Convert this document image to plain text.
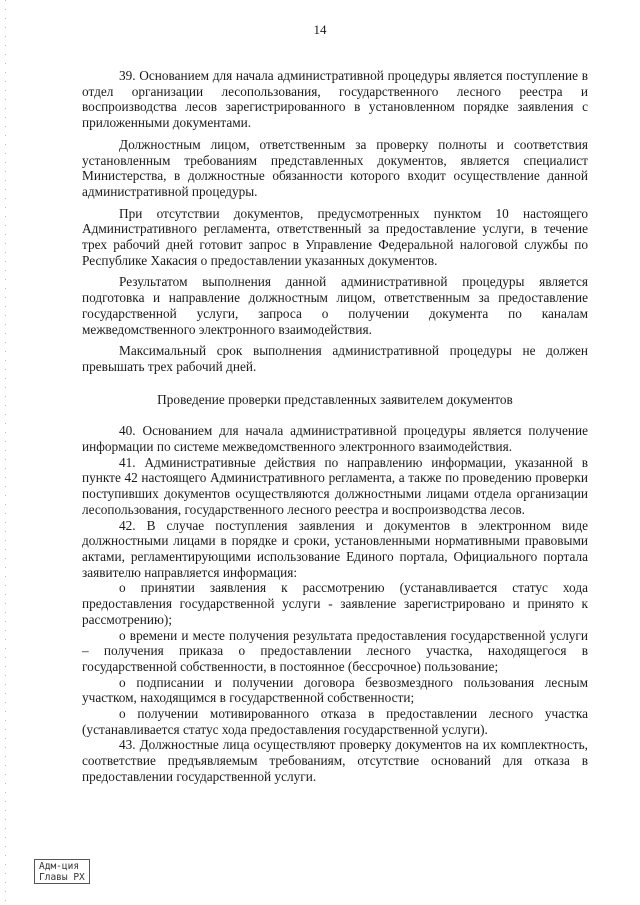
14

39. Основанием для начала административной процедуры является поступление в отдел организации лесопользования, государственного лесного реестра и воспроизводства лесов зарегистрированного в установленном порядке заявления с приложенными документами.

Должностным лицом, ответственным за проверку полноты и соответствия установленным требованиям представленных документов, является специалист Министерства, в должностные обязанности которого входит осуществление данной административной процедуры.

При отсутствии документов, предусмотренных пунктом 10 настоящего Административного регламента, ответственный за предоставление услуги, в течение трех рабочий дней готовит запрос в Управление Федеральной налоговой службы по Республике Хакасия о предоставлении указанных документов.

Результатом выполнения данной административной процедуры является подготовка и направление должностным лицом, ответственным за предоставление государственной услуги, запроса о получении документа по каналам межведомственного электронного взаимодействия.

Максимальный срок выполнения административной процедуры не должен превышать трех рабочий дней.

Проведение проверки представленных заявителем документов

40. Основанием для начала административной процедуры является получение информации по системе межведомственного электронного взаимодействия.

41. Административные действия по направлению информации, указанной в пункте 42 настоящего Административного регламента, а также по проведению проверки поступивших документов осуществляются должностными лицами отдела организации лесопользования, государственного лесного реестра и воспроизводства лесов.

42. В случае поступления заявления и документов в электронном виде должностными лицами в порядке и сроки, установленными нормативными правовыми актами, регламентирующими использование Единого портала, Официального портала заявителю направляется информация:

о принятии заявления к рассмотрению (устанавливается статус хода предоставления государственной услуги - заявление зарегистрировано и принято к рассмотрению);

о времени и месте получения результата предоставления государственной услуги – получения приказа о предоставлении лесного участка, находящегося в государственной собственности, в постоянное (бессрочное) пользование;

о подписании и получении договора безвозмездного пользования лесным участком, находящимся в государственной собственности;

о получении мотивированного отказа в предоставлении лесного участка (устанавливается статус хода предоставления государственной услуги).

43. Должностные лица осуществляют проверку документов на их комплектность, соответствие предъявляемым требованиям, отсутствие оснований для отказа в предоставлении государственной услуги.

Адм-ция
Главы РХ
